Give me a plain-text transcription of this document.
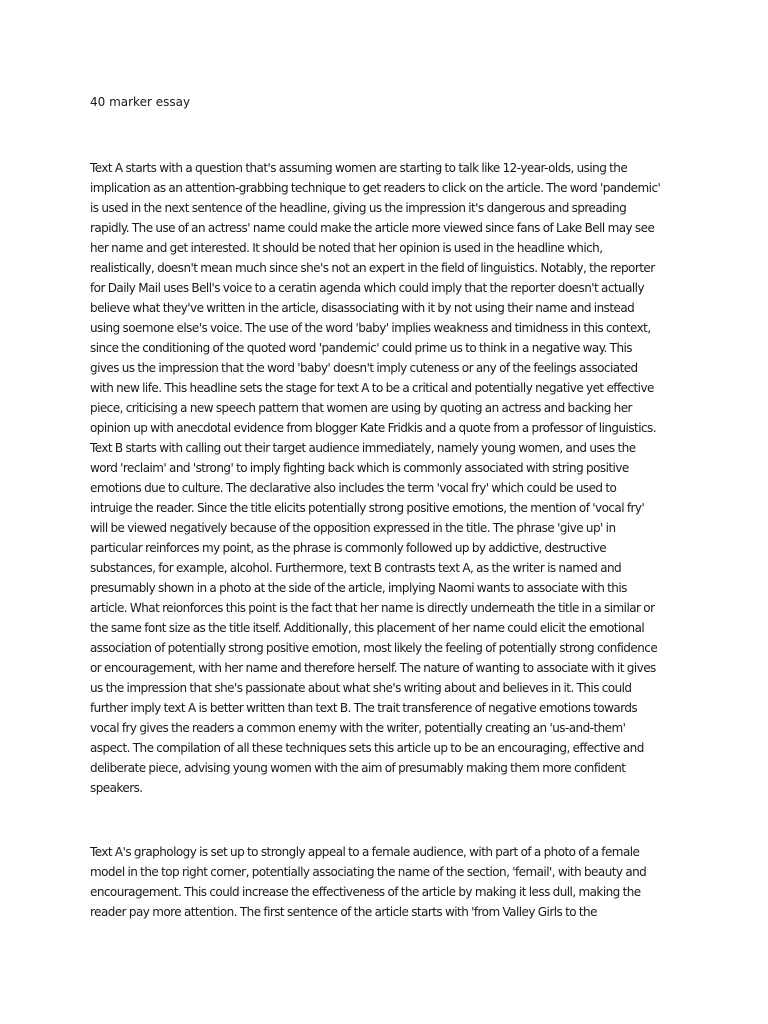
40 marker essay

Text A starts with a question that's assuming women are starting to talk like 12-year-olds, using the
implication as an attention-grabbing technique to get readers to click on the article. The word 'pandemic'
is used in the next sentence of the headline, giving us the impression it's dangerous and spreading
rapidly. The use of an actress' name could make the article more viewed since fans of Lake Bell may see
her name and get interested. It should be noted that her opinion is used in the headline which,
realistically, doesn't mean much since she's not an expert in the field of linguistics. Notably, the reporter
for Daily Mail uses Bell's voice to a ceratin agenda which could imply that the reporter doesn't actually
believe what they've written in the article, disassociating with it by not using their name and instead
using soemone else's voice. The use of the word 'baby' implies weakness and timidness in this context,
since the conditioning of the quoted word 'pandemic' could prime us to think in a negative way. This
gives us the impression that the word 'baby' doesn't imply cuteness or any of the feelings associated
with new life. This headline sets the stage for text A to be a critical and potentially negative yet effective
piece, criticising a new speech pattern that women are using by quoting an actress and backing her
opinion up with anecdotal evidence from blogger Kate Fridkis and a quote from a professor of linguistics.
Text B starts with calling out their target audience immediately, namely young women, and uses the
word 'reclaim' and 'strong' to imply fighting back which is commonly associated with string positive
emotions due to culture. The declarative also includes the term 'vocal fry' which could be used to
intruige the reader. Since the title elicits potentially strong positive emotions, the mention of 'vocal fry'
will be viewed negatively because of the opposition expressed in the title. The phrase 'give up' in
particular reinforces my point, as the phrase is commonly followed up by addictive, destructive
substances, for example, alcohol. Furthermore, text B contrasts text A, as the writer is named and
presumably shown in a photo at the side of the article, implying Naomi wants to associate with this
article. What reionforces this point is the fact that her name is directly underneath the title in a similar or
the same font size as the title itself. Additionally, this placement of her name could elicit the emotional
association of potentially strong positive emotion, most likely the feeling of potentially strong confidence
or encouragement, with her name and therefore herself. The nature of wanting to associate with it gives
us the impression that she's passionate about what she's writing about and believes in it. This could
further imply text A is better written than text B. The trait transference of negative emotions towards
vocal fry gives the readers a common enemy with the writer, potentially creating an 'us-and-them'
aspect. The compilation of all these techniques sets this article up to be an encouraging, effective and
deliberate piece, advising young women with the aim of presumably making them more confident
speakers.

Text A's graphology is set up to strongly appeal to a female audience, with part of a photo of a female
model in the top right corner, potentially associating the name of the section, 'femail', with beauty and
encouragement. This could increase the effectiveness of the article by making it less dull, making the
reader pay more attention. The first sentence of the article starts with 'from Valley Girls to the
